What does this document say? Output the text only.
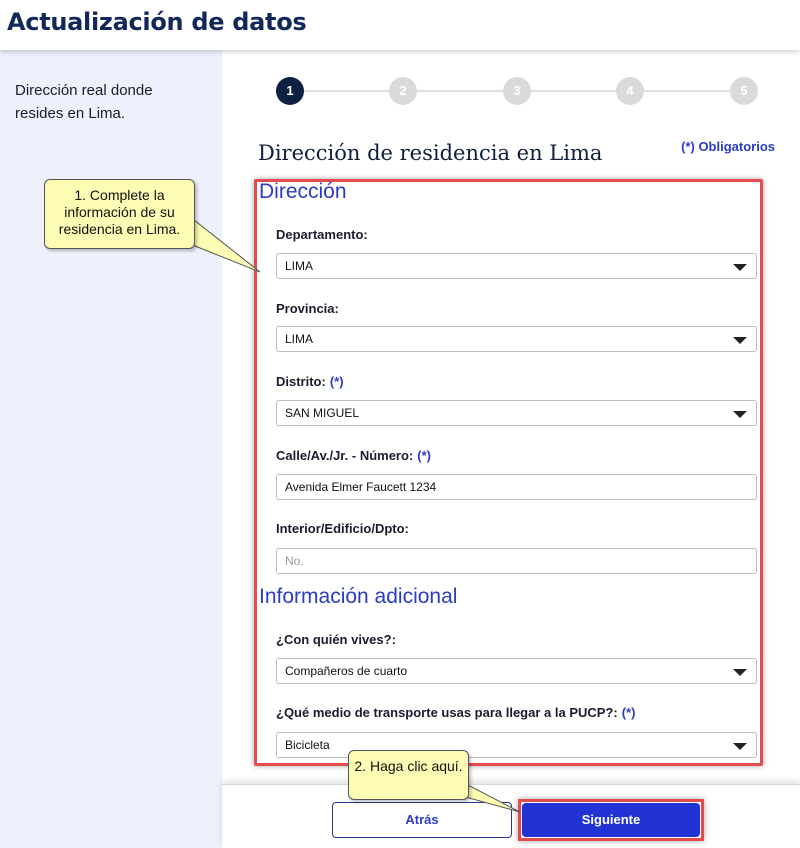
Actualización de datos

Dirección real donde resides en Lima.

1	2	3	4	5
Dirección de residencia en Lima	(*) Obligatorios
Dirección
Departamento:
LIMA
Provincia:
LIMA
Distrito: (*)
SAN MIGUEL
Calle/Av./Jr. - Número: (*)
Avenida Elmer Faucett 1234
Interior/Edificio/Dpto:
No.
Información adicional
¿Con quién vives?:
Compañeros de cuarto
¿Qué medio de transporte usas para llegar a la PUCP?: (*)
Bicicleta
Atrás	Siguiente
1. Complete la información de su residencia en Lima.
2. Haga clic aquí.
